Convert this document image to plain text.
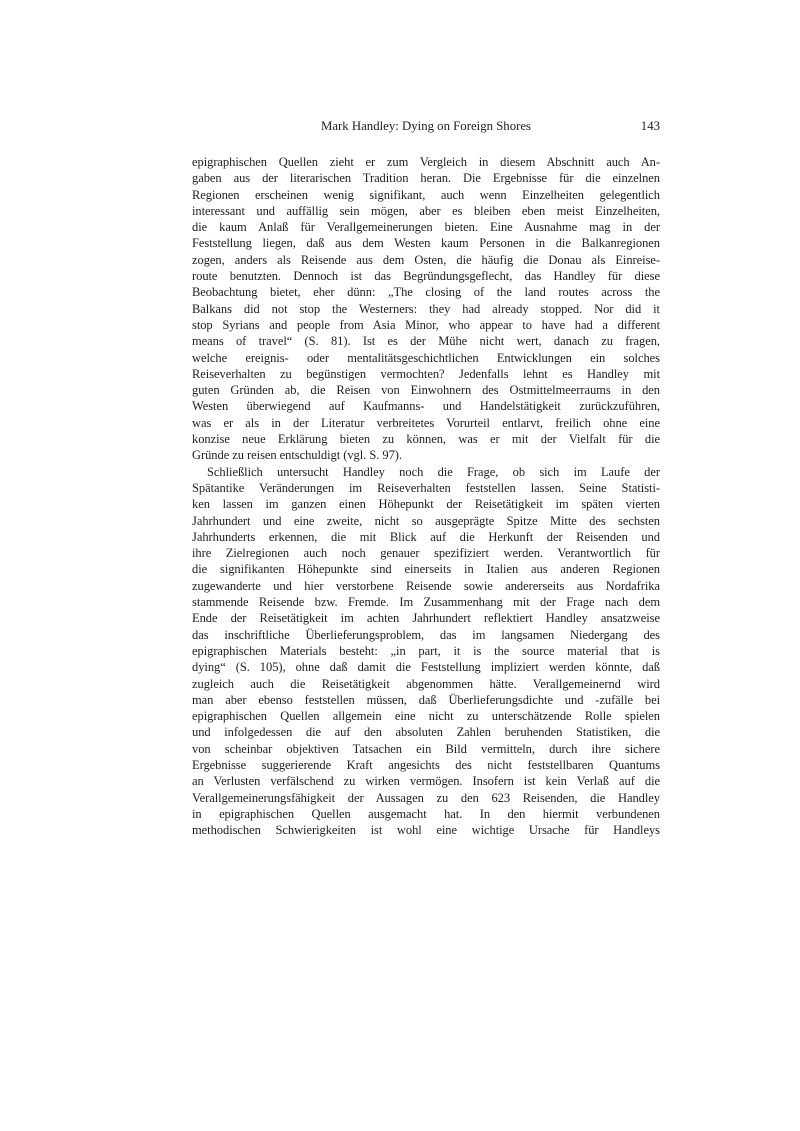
Mark Handley: Dying on Foreign Shores	143
epigraphischen Quellen zieht er zum Vergleich in diesem Abschnitt auch An-
gaben aus der literarischen Tradition heran. Die Ergebnisse für die einzelnen
Regionen erscheinen wenig signifikant, auch wenn Einzelheiten gelegentlich
interessant und auffällig sein mögen, aber es bleiben eben meist Einzelheiten,
die kaum Anlaß für Verallgemeinerungen bieten. Eine Ausnahme mag in der
Feststellung liegen, daß aus dem Westen kaum Personen in die Balkanregionen
zogen, anders als Reisende aus dem Osten, die häufig die Donau als Einreise-
route benutzten. Dennoch ist das Begründungsgeflecht, das Handley für diese
Beobachtung bietet, eher dünn: „The closing of the land routes across the
Balkans did not stop the Westerners: they had already stopped. Nor did it
stop Syrians and people from Asia Minor, who appear to have had a different
means of travel“ (S. 81). Ist es der Mühe nicht wert, danach zu fragen,
welche ereignis- oder mentalitätsgeschichtlichen Entwicklungen ein solches
Reiseverhalten zu begünstigen vermochten? Jedenfalls lehnt es Handley mit
guten Gründen ab, die Reisen von Einwohnern des Ostmittelmeerraums in den
Westen überwiegend auf Kaufmanns- und Handelstätigkeit zurückzuführen,
was er als in der Literatur verbreitetes Vorurteil entlarvt, freilich ohne eine
konzise neue Erklärung bieten zu können, was er mit der Vielfalt für die
Gründe zu reisen entschuldigt (vgl. S. 97).
Schließlich untersucht Handley noch die Frage, ob sich im Laufe der
Spätantike Veränderungen im Reiseverhalten feststellen lassen. Seine Statisti-
ken lassen im ganzen einen Höhepunkt der Reisetätigkeit im späten vierten
Jahrhundert und eine zweite, nicht so ausgeprägte Spitze Mitte des sechsten
Jahrhunderts erkennen, die mit Blick auf die Herkunft der Reisenden und
ihre Zielregionen auch noch genauer spezifiziert werden. Verantwortlich für
die signifikanten Höhepunkte sind einerseits in Italien aus anderen Regionen
zugewanderte und hier verstorbene Reisende sowie andererseits aus Nordafrika
stammende Reisende bzw. Fremde. Im Zusammenhang mit der Frage nach dem
Ende der Reisetätigkeit im achten Jahrhundert reflektiert Handley ansatzweise
das inschriftliche Überlieferungsproblem, das im langsamen Niedergang des
epigraphischen Materials besteht: „in part, it is the source material that is
dying“ (S. 105), ohne daß damit die Feststellung impliziert werden könnte, daß
zugleich auch die Reisetätigkeit abgenommen hätte. Verallgemeinernd wird
man aber ebenso feststellen müssen, daß Überlieferungsdichte und -zufälle bei
epigraphischen Quellen allgemein eine nicht zu unterschätzende Rolle spielen
und infolgedessen die auf den absoluten Zahlen beruhenden Statistiken, die
von scheinbar objektiven Tatsachen ein Bild vermitteln, durch ihre sichere
Ergebnisse suggerierende Kraft angesichts des nicht feststellbaren Quantums
an Verlusten verfälschend zu wirken vermögen. Insofern ist kein Verlaß auf die
Verallgemeinerungsfähigkeit der Aussagen zu den 623 Reisenden, die Handley
in epigraphischen Quellen ausgemacht hat. In den hiermit verbundenen
methodischen Schwierigkeiten ist wohl eine wichtige Ursache für Handleys
